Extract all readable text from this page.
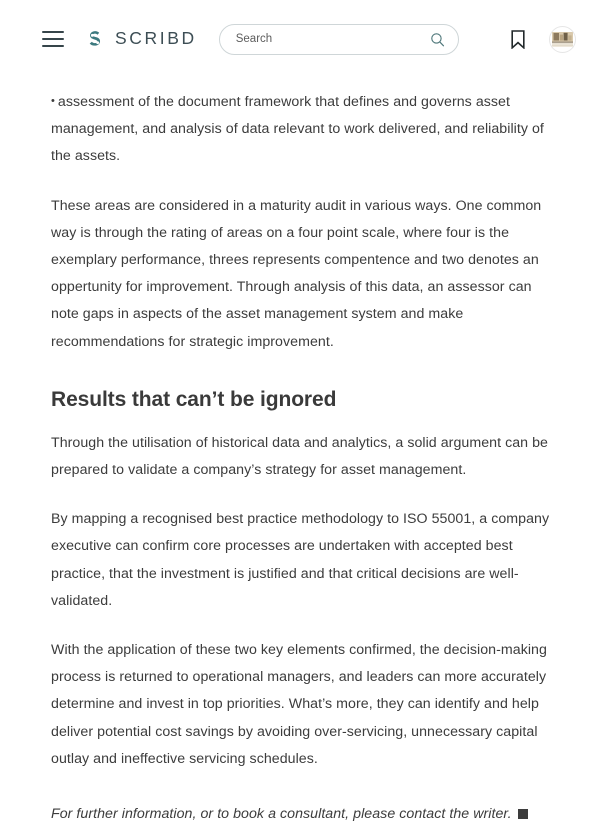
SCRIBD
Search

• assessment of the document framework that defines and governs asset management, and analysis of data relevant to work delivered, and reliability of the assets.

These areas are considered in a maturity audit in various ways. One common way is through the rating of areas on a four point scale, where four is the exemplary performance, threes represents compentence and two denotes an oppertunity for improvement. Through analysis of this data, an assessor can note gaps in aspects of the asset management system and make recommendations for strategic improvement.

Results that can’t be ignored

Through the utilisation of historical data and analytics, a solid argument can be prepared to validate a company’s strategy for asset management.

By mapping a recognised best practice methodology to ISO 55001, a company executive can confirm core processes are undertaken with accepted best practice, that the investment is justified and that critical decisions are well-validated.

With the application of these two key elements confirmed, the decision-making process is returned to operational managers, and leaders can more accurately determine and invest in top priorities. What’s more, they can identify and help deliver potential cost savings by avoiding over-servicing, unnecessary capital outlay and ineffective servicing schedules.

For further information, or to book a consultant, please contact the writer.
